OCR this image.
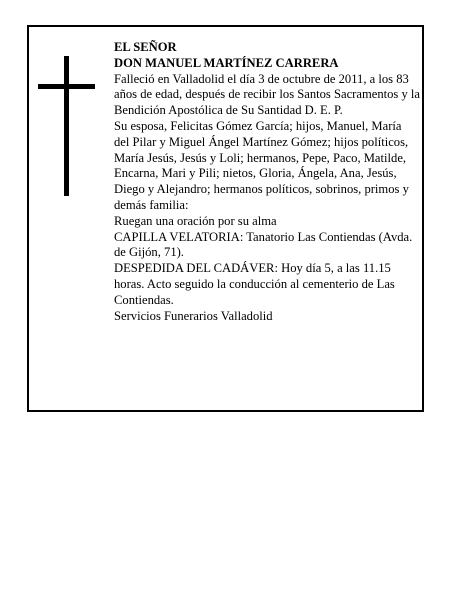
EL SEÑOR

DON MANUEL MARTÍNEZ CARRERA

Falleció en Valladolid el día 3 de octubre de 2011, a los 83 años de edad, después de recibir los Santos Sacramentos y la Bendición Apostólica de Su Santidad D. E. P.

Su esposa, Felicitas Gómez García; hijos, Manuel, María del Pilar y Miguel Ángel Martínez Gómez; hijos políticos, María Jesús, Jesús y Loli; hermanos, Pepe, Paco, Matilde, Encarna, Mari y Pili; nietos, Gloria, Ángela, Ana, Jesús, Diego y Alejandro; hermanos políticos, sobrinos, primos y demás familia:

Ruegan una oración por su alma

CAPILLA VELATORIA: Tanatorio Las Contiendas (Avda. de Gijón, 71).

DESPEDIDA DEL CADÁVER: Hoy día 5, a las 11.15 horas. Acto seguido la conducción al cementerio de Las Contiendas.

Servicios Funerarios Valladolid
